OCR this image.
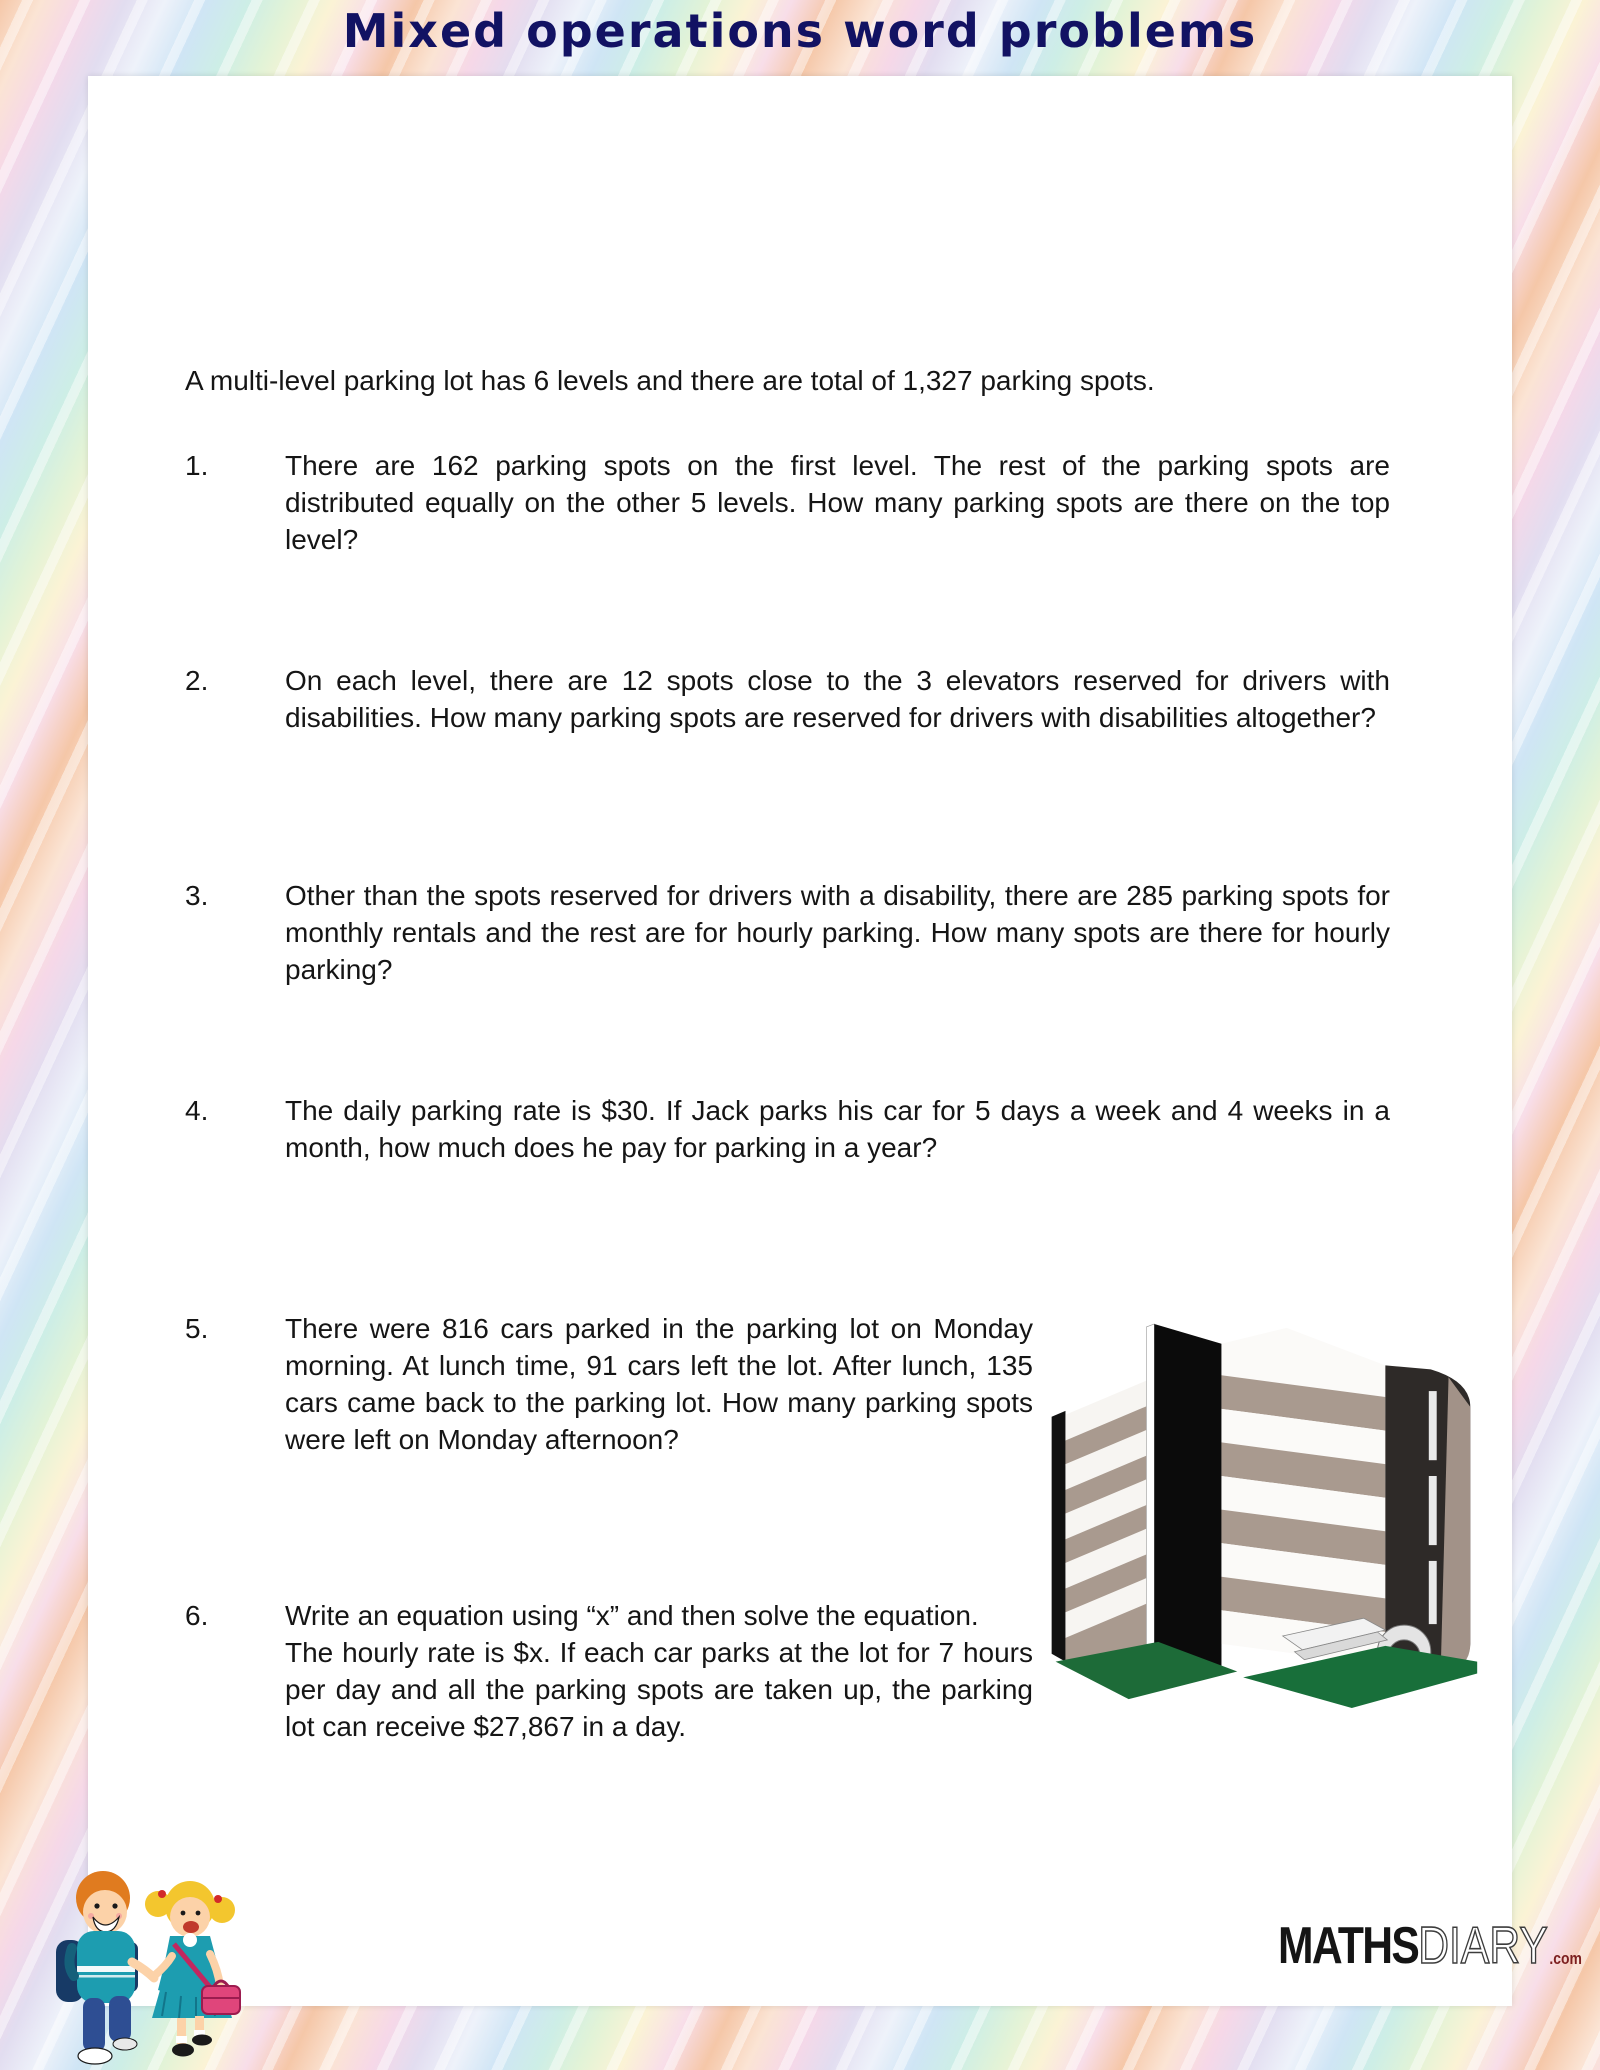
Mixed operations word problems

A multi-level parking lot has 6 levels and there are total of 1,327 parking spots.

1.	There are 162 parking spots on the first level. The rest of the parking spots are distributed equally on the other 5 levels. How many parking spots are there on the top level?
2.	On each level, there are 12 spots close to the 3 elevators reserved for drivers with disabilities. How many parking spots are reserved for drivers with disabilities altogether?
3.	Other than the spots reserved for drivers with a disability, there are 285 parking spots for monthly rentals and the rest are for hourly parking. How many spots are there for hourly parking?
4.	The daily parking rate is $30. If Jack parks his car for 5 days a week and 4 weeks in a month, how much does he pay for parking in a year?
5.	There were 816 cars parked in the parking lot on Monday morning. At lunch time, 91 cars left the lot. After lunch, 135 cars came back to the parking lot. How many parking spots were left on Monday afternoon?
6.	Write an equation using “x” and then solve the equation.
The hourly rate is $x. If each car parks at the lot for 7 hours per day and all the parking spots are taken up, the parking lot can receive $27,867 in a day.
MATHSDIARY.com
